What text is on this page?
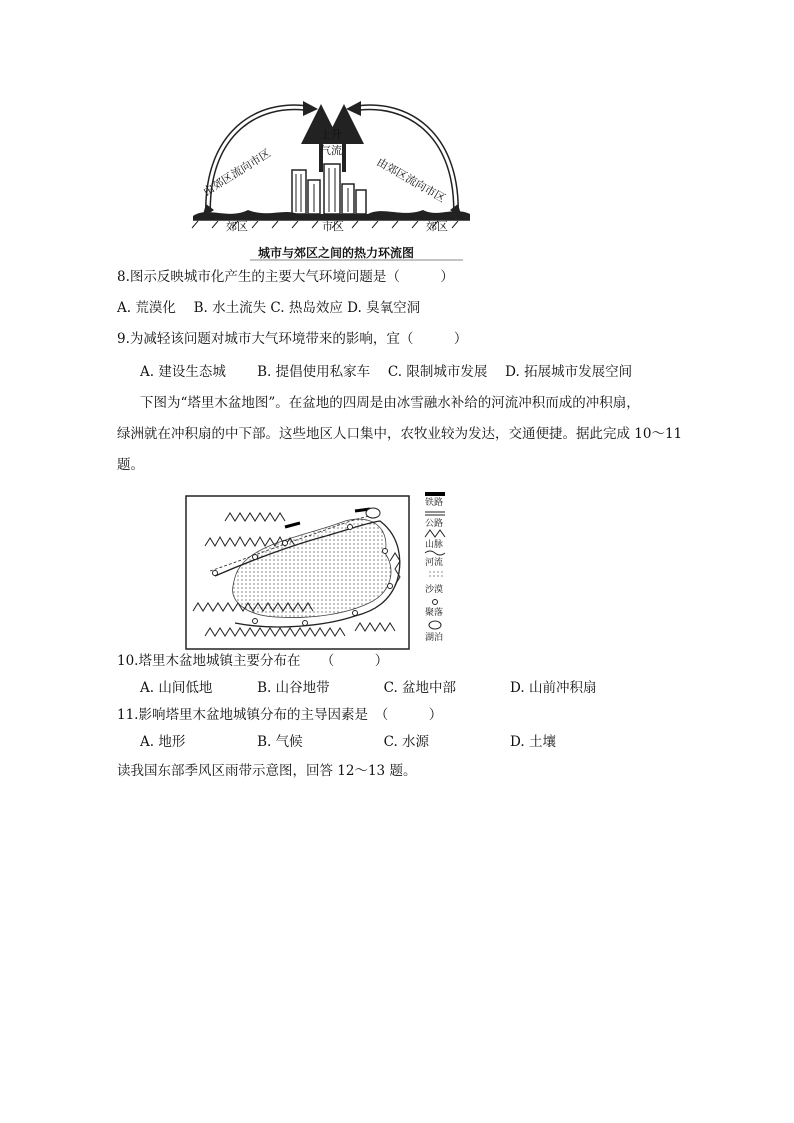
上升
气流
由郊区流向市区	由郊区流向市区
郊区	市区	郊区
城市与郊区之间的热力环流图
8.图示反映城市化产生的主要大气环境问题是（　　　）
A. 荒漠化　 B. 水土流失 C. 热岛效应 D. 臭氧空洞
9.为减轻该问题对城市大气环境带来的影响，宜（　　　）
A. 建设生态城　　 B. 提倡使用私家车　 C. 限制城市发展　 D. 拓展城市发展空间
下图为“塔里木盆地图”。在盆地的四周是由冰雪融水补给的河流冲积而成的冲积扇，
绿洲就在冲积扇的中下部。这些地区人口集中，农牧业较为发达，交通便捷。据此完成 10～11
题。
铁路
公路
山脉
河流
沙漠
聚落
湖泊
10.塔里木盆地城镇主要分布在　　（　　　）
A. 山间低地　　　 B. 山谷地带　　　　C. 盆地中部　　　　D. 山前冲积扇
11.影响塔里木盆地城镇分布的主导因素是　（　　　）
A. 地形　　　　　 B. 气候　　　　　　C. 水源　　　　　　D. 土壤
读我国东部季风区雨带示意图，回答 12～13 题。
